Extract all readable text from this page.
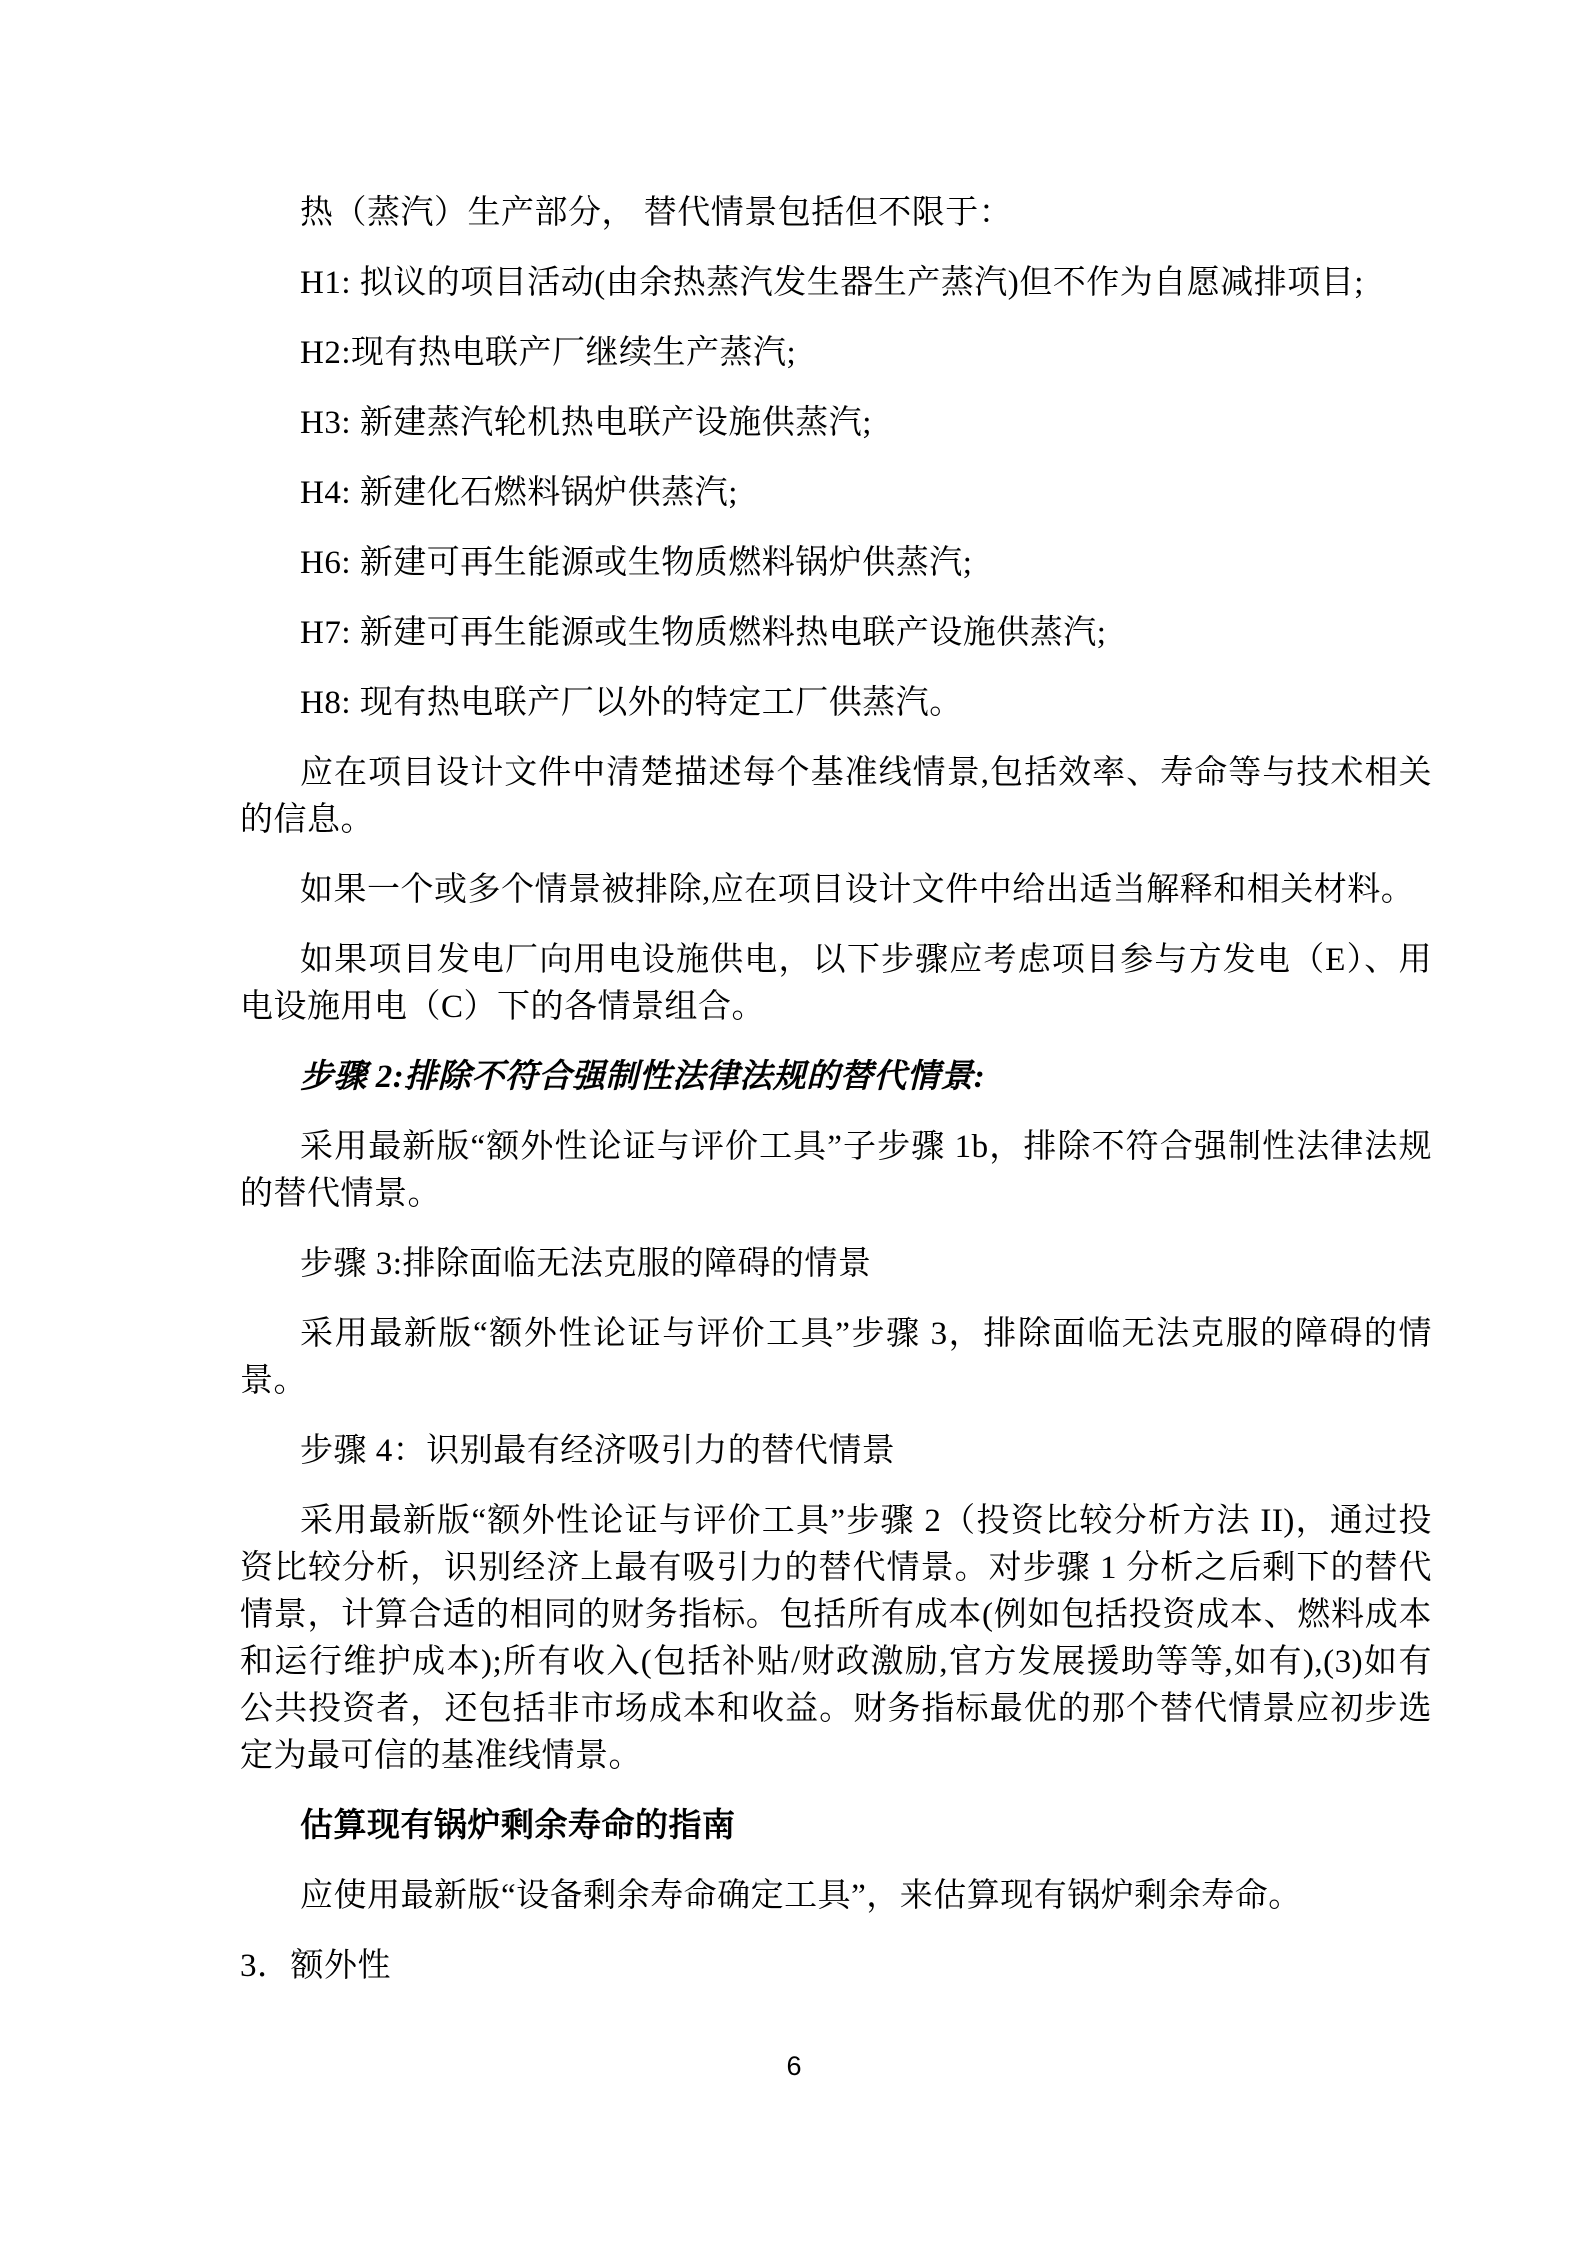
热（蒸汽）生产部分， 替代情景包括但不限于：

H1: 拟议的项目活动(由余热蒸汽发生器生产蒸汽)但不作为自愿减排项目;

H2:现有热电联产厂继续生产蒸汽;

H3: 新建蒸汽轮机热电联产设施供蒸汽;

H4: 新建化石燃料锅炉供蒸汽;

H6: 新建可再生能源或生物质燃料锅炉供蒸汽;

H7: 新建可再生能源或生物质燃料热电联产设施供蒸汽;

H8: 现有热电联产厂以外的特定工厂供蒸汽。

应在项目设计文件中清楚描述每个基准线情景,包括效率、寿命等与技术相关的信息。

如果一个或多个情景被排除,应在项目设计文件中给出适当解释和相关材料。

如果项目发电厂向用电设施供电，以下步骤应考虑项目参与方发电（E）、用电设施用电（C）下的各情景组合。

步骤 2:排除不符合强制性法律法规的替代情景:

采用最新版“额外性论证与评价工具”子步骤 1b，排除不符合强制性法律法规的替代情景。

步骤 3:排除面临无法克服的障碍的情景

采用最新版“额外性论证与评价工具”步骤 3，排除面临无法克服的障碍的情景。

步骤 4：识别最有经济吸引力的替代情景

采用最新版“额外性论证与评价工具”步骤 2（投资比较分析方法 II)，通过投资比较分析，识别经济上最有吸引力的替代情景。对步骤 1 分析之后剩下的替代情景，计算合适的相同的财务指标。包括所有成本(例如包括投资成本、燃料成本和运行维护成本);所有收入(包括补贴/财政激励,官方发展援助等等,如有),(3)如有公共投资者，还包括非市场成本和收益。财务指标最优的那个替代情景应初步选定为最可信的基准线情景。

估算现有锅炉剩余寿命的指南

应使用最新版“设备剩余寿命确定工具”，来估算现有锅炉剩余寿命。

3．额外性

6
